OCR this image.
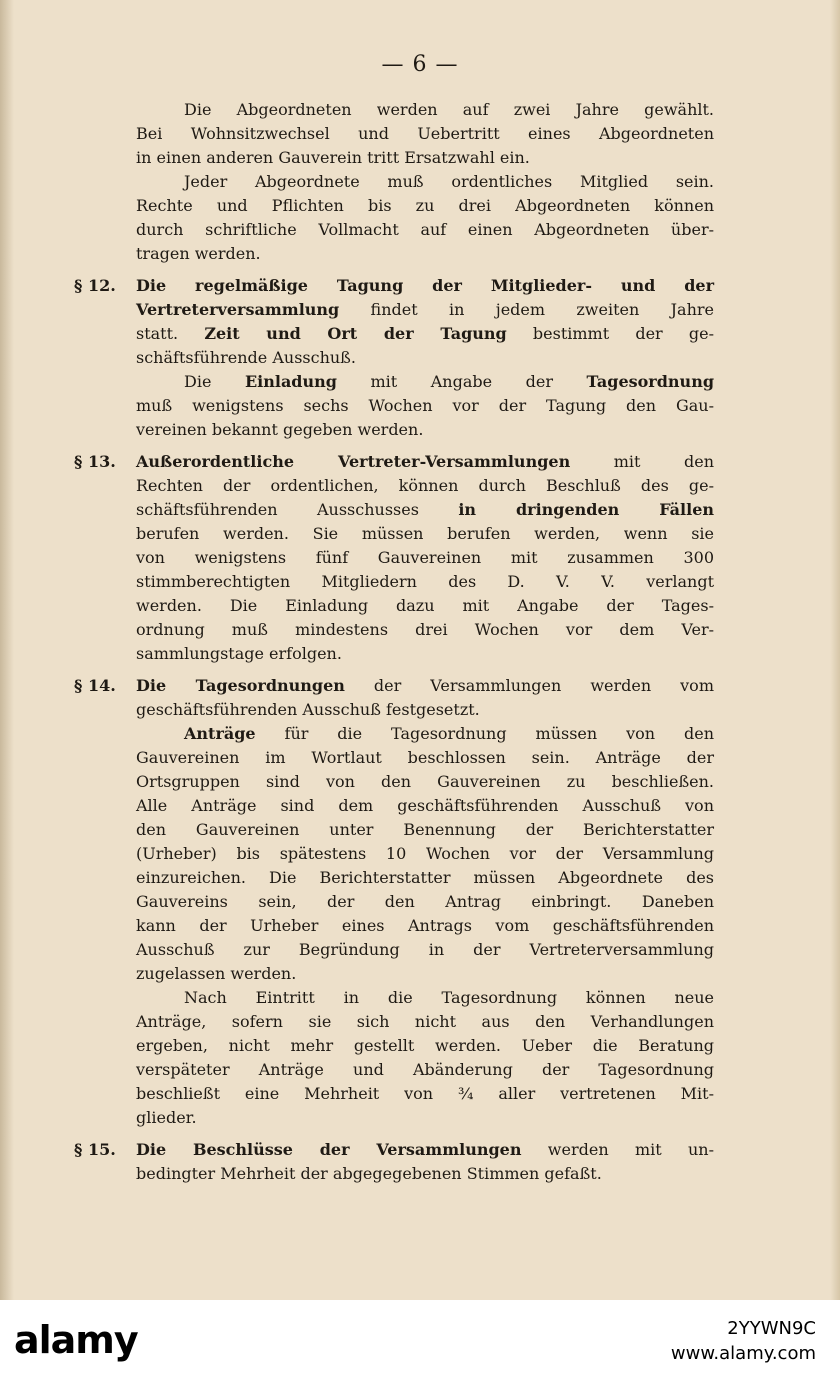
— 6 —
Die Abgeordneten werden auf zwei Jahre gewählt.
Bei Wohnsitzwechsel und Uebertritt eines Abgeordneten
in einen anderen Gauverein tritt Ersatzwahl ein.
Jeder Abgeordnete muß ordentliches Mitglied sein.
Rechte und Pflichten bis zu drei Abgeordneten können
durch schriftliche Vollmacht auf einen Abgeordneten über-
tragen werden.
§ 12.	Die regelmäßige Tagung der Mitglieder- und der
Vertreterversammlung findet in jedem zweiten Jahre
statt. Zeit und Ort der Tagung bestimmt der ge-
schäftsführende Ausschuß.
Die Einladung mit Angabe der Tagesordnung
muß wenigstens sechs Wochen vor der Tagung den Gau-
vereinen bekannt gegeben werden.
§ 13.	Außerordentliche Vertreter-Versammlungen mit den
Rechten der ordentlichen, können durch Beschluß des ge-
schäftsführenden Ausschusses in dringenden Fällen
berufen werden. Sie müssen berufen werden, wenn sie
von wenigstens fünf Gauvereinen mit zusammen 300
stimmberechtigten Mitgliedern des D. V. V. verlangt
werden. Die Einladung dazu mit Angabe der Tages-
ordnung muß mindestens drei Wochen vor dem Ver-
sammlungstage erfolgen.
§ 14.	Die Tagesordnungen der Versammlungen werden vom
geschäftsführenden Ausschuß festgesetzt.
Anträge für die Tagesordnung müssen von den
Gauvereinen im Wortlaut beschlossen sein. Anträge der
Ortsgruppen sind von den Gauvereinen zu beschließen.
Alle Anträge sind dem geschäftsführenden Ausschuß von
den Gauvereinen unter Benennung der Berichterstatter
(Urheber) bis spätestens 10 Wochen vor der Versammlung
einzureichen. Die Berichterstatter müssen Abgeordnete des
Gauvereins sein, der den Antrag einbringt. Daneben
kann der Urheber eines Antrags vom geschäftsführenden
Ausschuß zur Begründung in der Vertreterversammlung
zugelassen werden.
Nach Eintritt in die Tagesordnung können neue
Anträge, sofern sie sich nicht aus den Verhandlungen
ergeben, nicht mehr gestellt werden. Ueber die Beratung
verspäteter Anträge und Abänderung der Tagesordnung
beschließt eine Mehrheit von ¾ aller vertretenen Mit-
glieder.
§ 15.	Die Beschlüsse der Versammlungen werden mit un-
bedingter Mehrheit der abgegegebenen Stimmen gefaßt.
alamy	2YYWN9C
www.alamy.com
